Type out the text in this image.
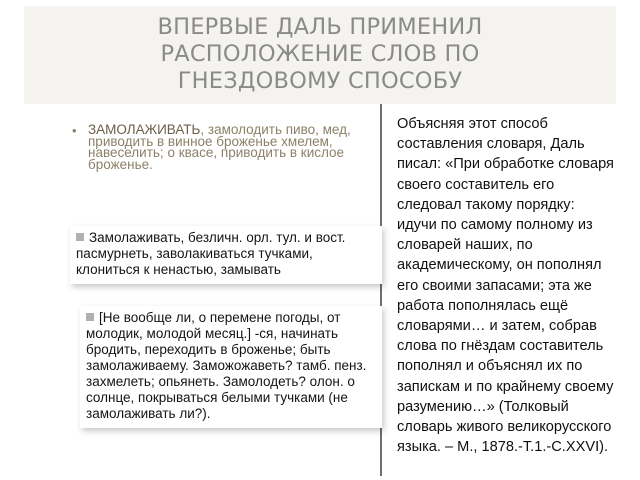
ВПЕРВЫЕ ДАЛЬ ПРИМЕНИЛ
РАСПОЛОЖЕНИЕ СЛОВ ПО
ГНЕЗДОВОМУ СПОСОБУ
• ЗАМОЛАЖИВАТЬ, замолодить пиво, мед, приводить в винное броженье хмелем, навеселить; о квасе, приводить в кислое броженье.
Замолаживать, безличн. орл. тул. и вост. пасмурнеть, заволакиваться тучками, клониться к ненастью, замывать
[Не вообще ли, о перемене погоды, от молодик, молодой месяц.] -ся, начинать бродить, переходить в броженье; быть замолаживаему. Заможожаветь? тамб. пенз. захмелеть; опьянеть. Замолодеть? олон. о солнце, покрываться белыми тучками (не замолаживать ли?).
Объясняя этот способ
составления словаря, Даль
писал: «При обработке словаря
своего составитель его
следовал такому порядку:
идучи по самому полному из
словарей наших, по
академическому, он пополнял
его своими запасами; эта же
работа пополнялась ещё
словарями… и затем, собрав
слова по гнёздам составитель
пополнял и объяснял их по
запискам и по крайнему своему
разумению…» (Толковый
словарь живого великорусского
языка. – М., 1878.-Т.1.-С.XXVI).
